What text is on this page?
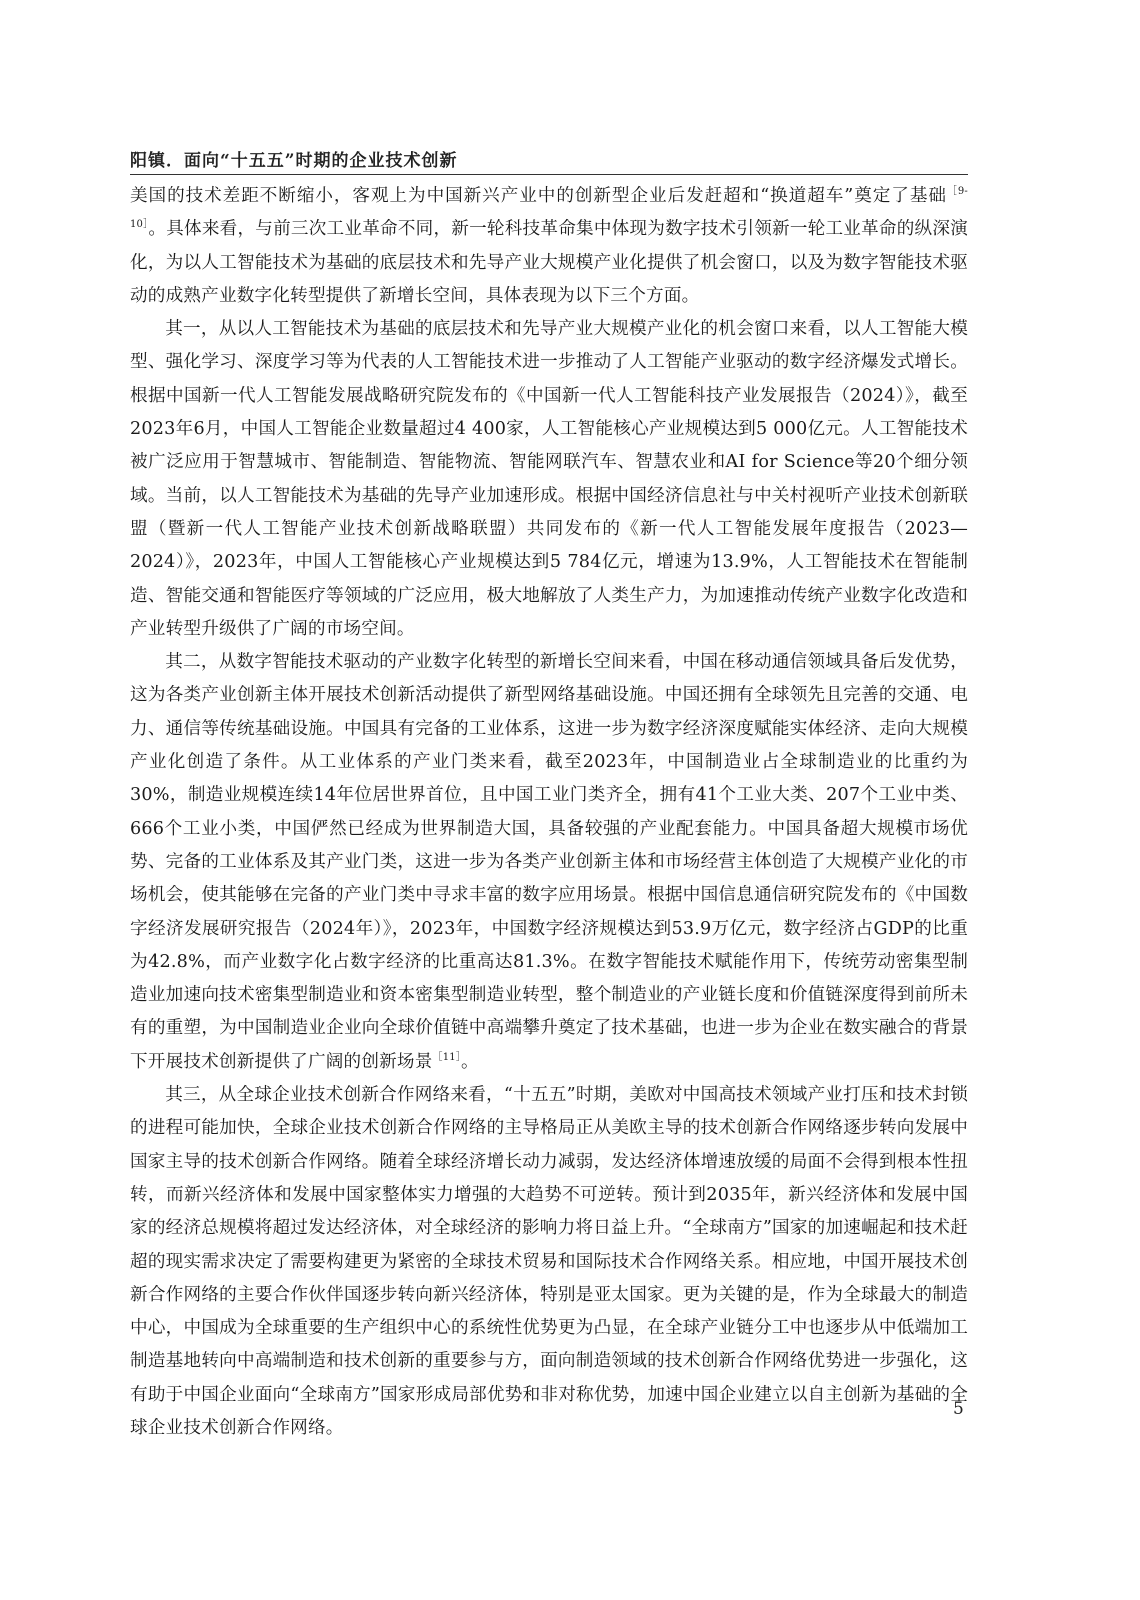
阳镇．面向“十五五”时期的企业技术创新

美国的技术差距不断缩小，客观上为中国新兴产业中的创新型企业后发赶超和“换道超车”奠定了基础$^{[9-10]}$。具体来看，与前三次工业革命不同，新一轮科技革命集中体现为数字技术引领新一轮工业革命的纵深演化，为以人工智能技术为基础的底层技术和先导产业大规模产业化提供了机会窗口，以及为数字智能技术驱动的成熟产业数字化转型提供了新增长空间，具体表现为以下三个方面。

其一，从以人工智能技术为基础的底层技术和先导产业大规模产业化的机会窗口来看，以人工智能大模型、强化学习、深度学习等为代表的人工智能技术进一步推动了人工智能产业驱动的数字经济爆发式增长。根据中国新一代人工智能发展战略研究院发布的《中国新一代人工智能科技产业发展报告（2024）》，截至2023年6月，中国人工智能企业数量超过4 400家，人工智能核心产业规模达到5 000亿元。人工智能技术被广泛应用于智慧城市、智能制造、智能物流、智能网联汽车、智慧农业和AI for Science等20个细分领域。当前，以人工智能技术为基础的先导产业加速形成。根据中国经济信息社与中关村视听产业技术创新联盟（暨新一代人工智能产业技术创新战略联盟）共同发布的《新一代人工智能发展年度报告（2023—2024）》，2023年，中国人工智能核心产业规模达到5 784亿元，增速为13.9%，人工智能技术在智能制造、智能交通和智能医疗等领域的广泛应用，极大地解放了人类生产力，为加速推动传统产业数字化改造和产业转型升级供了广阔的市场空间。

其二，从数字智能技术驱动的产业数字化转型的新增长空间来看，中国在移动通信领域具备后发优势，这为各类产业创新主体开展技术创新活动提供了新型网络基础设施。中国还拥有全球领先且完善的交通、电力、通信等传统基础设施。中国具有完备的工业体系，这进一步为数字经济深度赋能实体经济、走向大规模产业化创造了条件。从工业体系的产业门类来看，截至2023年，中国制造业占全球制造业的比重约为30%，制造业规模连续14年位居世界首位，且中国工业门类齐全，拥有41个工业大类、207个工业中类、666个工业小类，中国俨然已经成为世界制造大国，具备较强的产业配套能力。中国具备超大规模市场优势、完备的工业体系及其产业门类，这进一步为各类产业创新主体和市场经营主体创造了大规模产业化的市场机会，使其能够在完备的产业门类中寻求丰富的数字应用场景。根据中国信息通信研究院发布的《中国数字经济发展研究报告（2024年）》，2023年，中国数字经济规模达到53.9万亿元，数字经济占GDP的比重为42.8%，而产业数字化占数字经济的比重高达81.3%。在数字智能技术赋能作用下，传统劳动密集型制造业加速向技术密集型制造业和资本密集型制造业转型，整个制造业的产业链长度和价值链深度得到前所未有的重塑，为中国制造业企业向全球价值链中高端攀升奠定了技术基础，也进一步为企业在数实融合的背景下开展技术创新提供了广阔的创新场景$^{[11]}$。

其三，从全球企业技术创新合作网络来看，“十五五”时期，美欧对中国高技术领域产业打压和技术封锁的进程可能加快，全球企业技术创新合作网络的主导格局正从美欧主导的技术创新合作网络逐步转向发展中国家主导的技术创新合作网络。随着全球经济增长动力减弱，发达经济体增速放缓的局面不会得到根本性扭转，而新兴经济体和发展中国家整体实力增强的大趋势不可逆转。预计到2035年，新兴经济体和发展中国家的经济总规模将超过发达经济体，对全球经济的影响力将日益上升。“全球南方”国家的加速崛起和技术赶超的现实需求决定了需要构建更为紧密的全球技术贸易和国际技术合作网络关系。相应地，中国开展技术创新合作网络的主要合作伙伴国逐步转向新兴经济体，特别是亚太国家。更为关键的是，作为全球最大的制造中心，中国成为全球重要的生产组织中心的系统性优势更为凸显，在全球产业链分工中也逐步从中低端加工制造基地转向中高端制造和技术创新的重要参与方，面向制造领域的技术创新合作网络优势进一步强化，这有助于中国企业面向“全球南方”国家形成局部优势和非对称优势，加速中国企业建立以自主创新为基础的全球企业技术创新合作网络。

5
